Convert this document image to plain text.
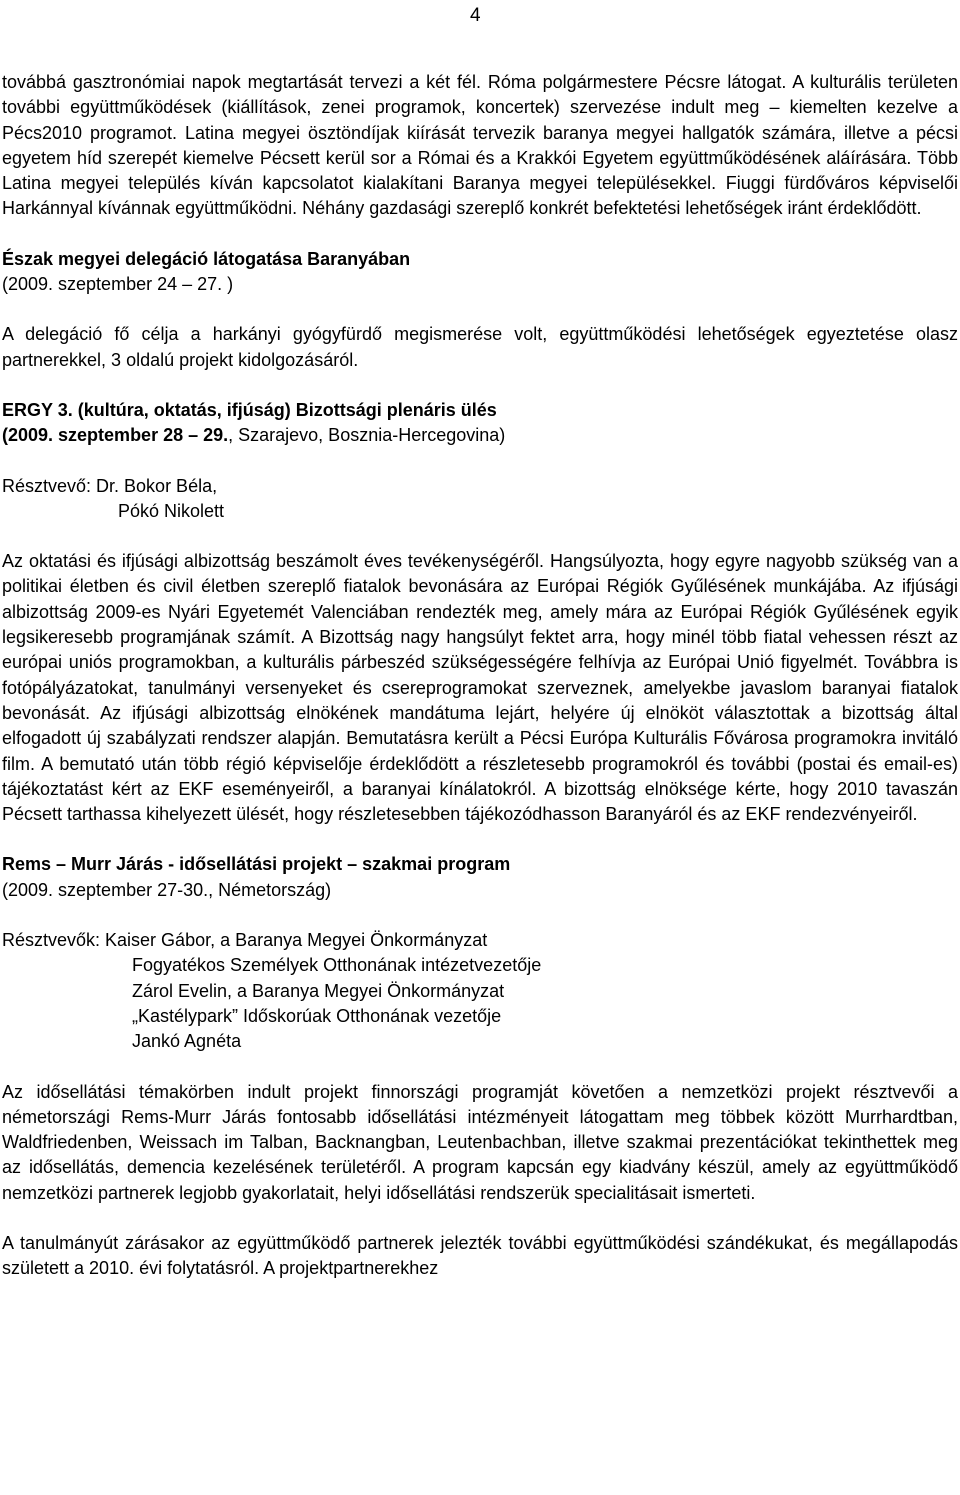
4

továbbá gasztronómiai napok megtartását tervezi a két fél. Róma polgármestere Pécsre látogat. A kulturális területen további együttműködések (kiállítások, zenei programok, koncertek) szervezése indult meg – kiemelten kezelve a Pécs2010 programot. Latina megyei ösztöndíjak kiírását tervezik baranya megyei hallgatók számára, illetve a pécsi egyetem híd szerepét kiemelve Pécsett kerül sor a Római és a Krakkói Egyetem együttműködésének aláírására. Több Latina megyei település kíván kapcsolatot kialakítani Baranya megyei településekkel. Fiuggi fürdőváros képviselői Harkánnyal kívánnak együttműködni. Néhány gazdasági szereplő konkrét befektetési lehetőségek iránt érdeklődött.

Észak megyei delegáció látogatása Baranyában

(2009. szeptember 24 – 27. )

A delegáció fő célja a harkányi gyógyfürdő megismerése volt, együttműködési lehetőségek egyeztetése olasz partnerekkel, 3 oldalú projekt kidolgozásáról.

ERGY 3. (kultúra, oktatás, ifjúság) Bizottsági plenáris ülés

(2009. szeptember 28 – 29., Szarajevo, Bosznia-Hercegovina)

Résztvevő: Dr. Bokor Béla,

Pókó Nikolett

Az oktatási és ifjúsági albizottság beszámolt éves tevékenységéről. Hangsúlyozta, hogy egyre nagyobb szükség van a politikai életben és civil életben szereplő fiatalok bevonására az Európai Régiók Gyűlésének munkájába. Az ifjúsági albizottság 2009-es Nyári Egyetemét Valenciában rendezték meg, amely mára az Európai Régiók Gyűlésének egyik legsikeresebb programjának számít. A Bizottság nagy hangsúlyt fektet arra, hogy minél több fiatal vehessen részt az európai uniós programokban, a kulturális párbeszéd szükségességére felhívja az Európai Unió figyelmét. Továbbra is fotópályázatokat, tanulmányi versenyeket és csereprogramokat szerveznek, amelyekbe javaslom baranyai fiatalok bevonását. Az ifjúsági albizottság elnökének mandátuma lejárt, helyére új elnököt választottak a bizottság által elfogadott új szabályzati rendszer alapján. Bemutatásra került a Pécsi Európa Kulturális Fővárosa programokra invitáló film. A bemutató után több régió képviselője érdeklődött a részletesebb programokról és további (postai és email-es) tájékoztatást kért az EKF eseményeiről, a baranyai kínálatokról. A bizottság elnöksége kérte, hogy 2010 tavaszán Pécsett tarthassa kihelyezett ülését, hogy részletesebben tájékozódhasson Baranyáról és az EKF rendezvényeiről.

Rems – Murr Járás - idősellátási projekt – szakmai program

(2009. szeptember 27-30., Németország)

Résztvevők: Kaiser Gábor, a Baranya Megyei Önkormányzat

Fogyatékos Személyek Otthonának intézetvezetője

Zárol Evelin, a Baranya Megyei Önkormányzat

„Kastélypark” Időskorúak Otthonának vezetője

Jankó Agnéta

Az idősellátási témakörben indult projekt finnországi programját követően a nemzetközi projekt résztvevői a németországi Rems-Murr Járás fontosabb idősellátási intézményeit látogattam meg többek között Murrhardtban, Waldfriedenben, Weissach im Talban, Backnangban, Leutenbachban, illetve szakmai prezentációkat tekinthettek meg az idősellátás, demencia kezelésének területéről. A program kapcsán egy kiadvány készül, amely az együttműködő nemzetközi partnerek legjobb gyakorlatait, helyi idősellátási rendszerük specialitásait ismerteti.

A tanulmányút zárásakor az együttműködő partnerek jelezték további együttműködési szándékukat, és megállapodás született a 2010. évi folytatásról. A projektpartnerekhez
